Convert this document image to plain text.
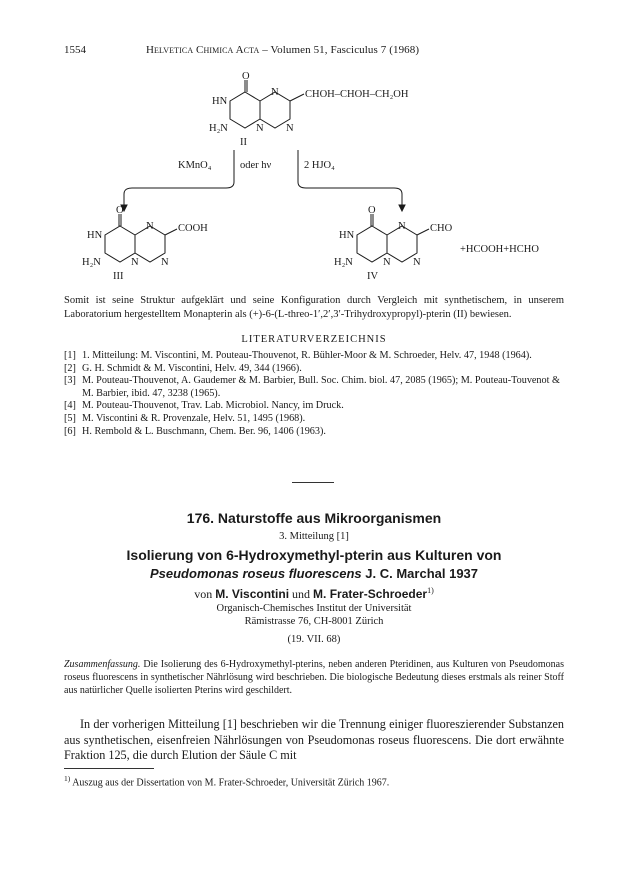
1554	Helvetica Chimica Acta – Volumen 51, Fasciculus 7 (1968)
O
HN
N
N N
H₂N
CHOH–CHOH–CH₂OH
II
KMnO₄	oder hν	2 HJO₄
O
HN
N
N N
H₂N
COOH
III
O
HN
N
N N
H₂N
CHO
IV
+HCOOH+HCHO
Somit ist seine Struktur aufgeklärt und seine Konfiguration durch Vergleich mit synthetischem, in unserem Laboratorium hergestelltem Monapterin als (+)-6-(L-threo-1′,2′,3′-Trihydroxypropyl)-pterin (II) bewiesen.
LITERATURVERZEICHNIS
[1] 1. Mitteilung: M. Viscontini, M. Pouteau-Thouvenot, R. Bühler-Moor & M. Schroeder, Helv. 47, 1948 (1964).
[2] G. H. Schmidt & M. Viscontini, Helv. 49, 344 (1966).
[3] M. Pouteau-Thouvenot, A. Gaudemer & M. Barbier, Bull. Soc. Chim. biol. 47, 2085 (1965); M. Pouteau-Touvenot & M. Barbier, ibid. 47, 3238 (1965).
[4] M. Pouteau-Thouvenot, Trav. Lab. Microbiol. Nancy, im Druck.
[5] M. Viscontini & R. Provenzale, Helv. 51, 1495 (1968).
[6] H. Rembold & L. Buschmann, Chem. Ber. 96, 1406 (1963).
176. Naturstoffe aus Mikroorganismen
3. Mitteilung [1]
Isolierung von 6-Hydroxymethyl-pterin aus Kulturen von
Pseudomonas roseus fluorescens J. C. Marchal 1937
von M. Viscontini und M. Frater-Schroeder$^{1)}$
Organisch-Chemisches Institut der Universität
Rämistrasse 76, CH-8001 Zürich
(19. VII. 68)
Zusammenfassung. Die Isolierung des 6-Hydroxymethyl-pterins, neben anderen Pteridinen, aus Kulturen von Pseudomonas roseus fluorescens in synthetischer Nährlösung wird beschrieben. Die biologische Bedeutung dieses erstmals als reiner Stoff aus natürlicher Quelle isolierten Pterins wird geschildert.
In der vorherigen Mitteilung [1] beschrieben wir die Trennung einiger fluoreszierender Substanzen aus synthetischen, eisenfreien Nährlösungen von Pseudomonas roseus fluorescens. Die dort erwähnte Fraktion 125, die durch Elution der Säule C mit
$^{1)}$ Auszug aus der Dissertation von M. Frater-Schroeder, Universität Zürich 1967.
